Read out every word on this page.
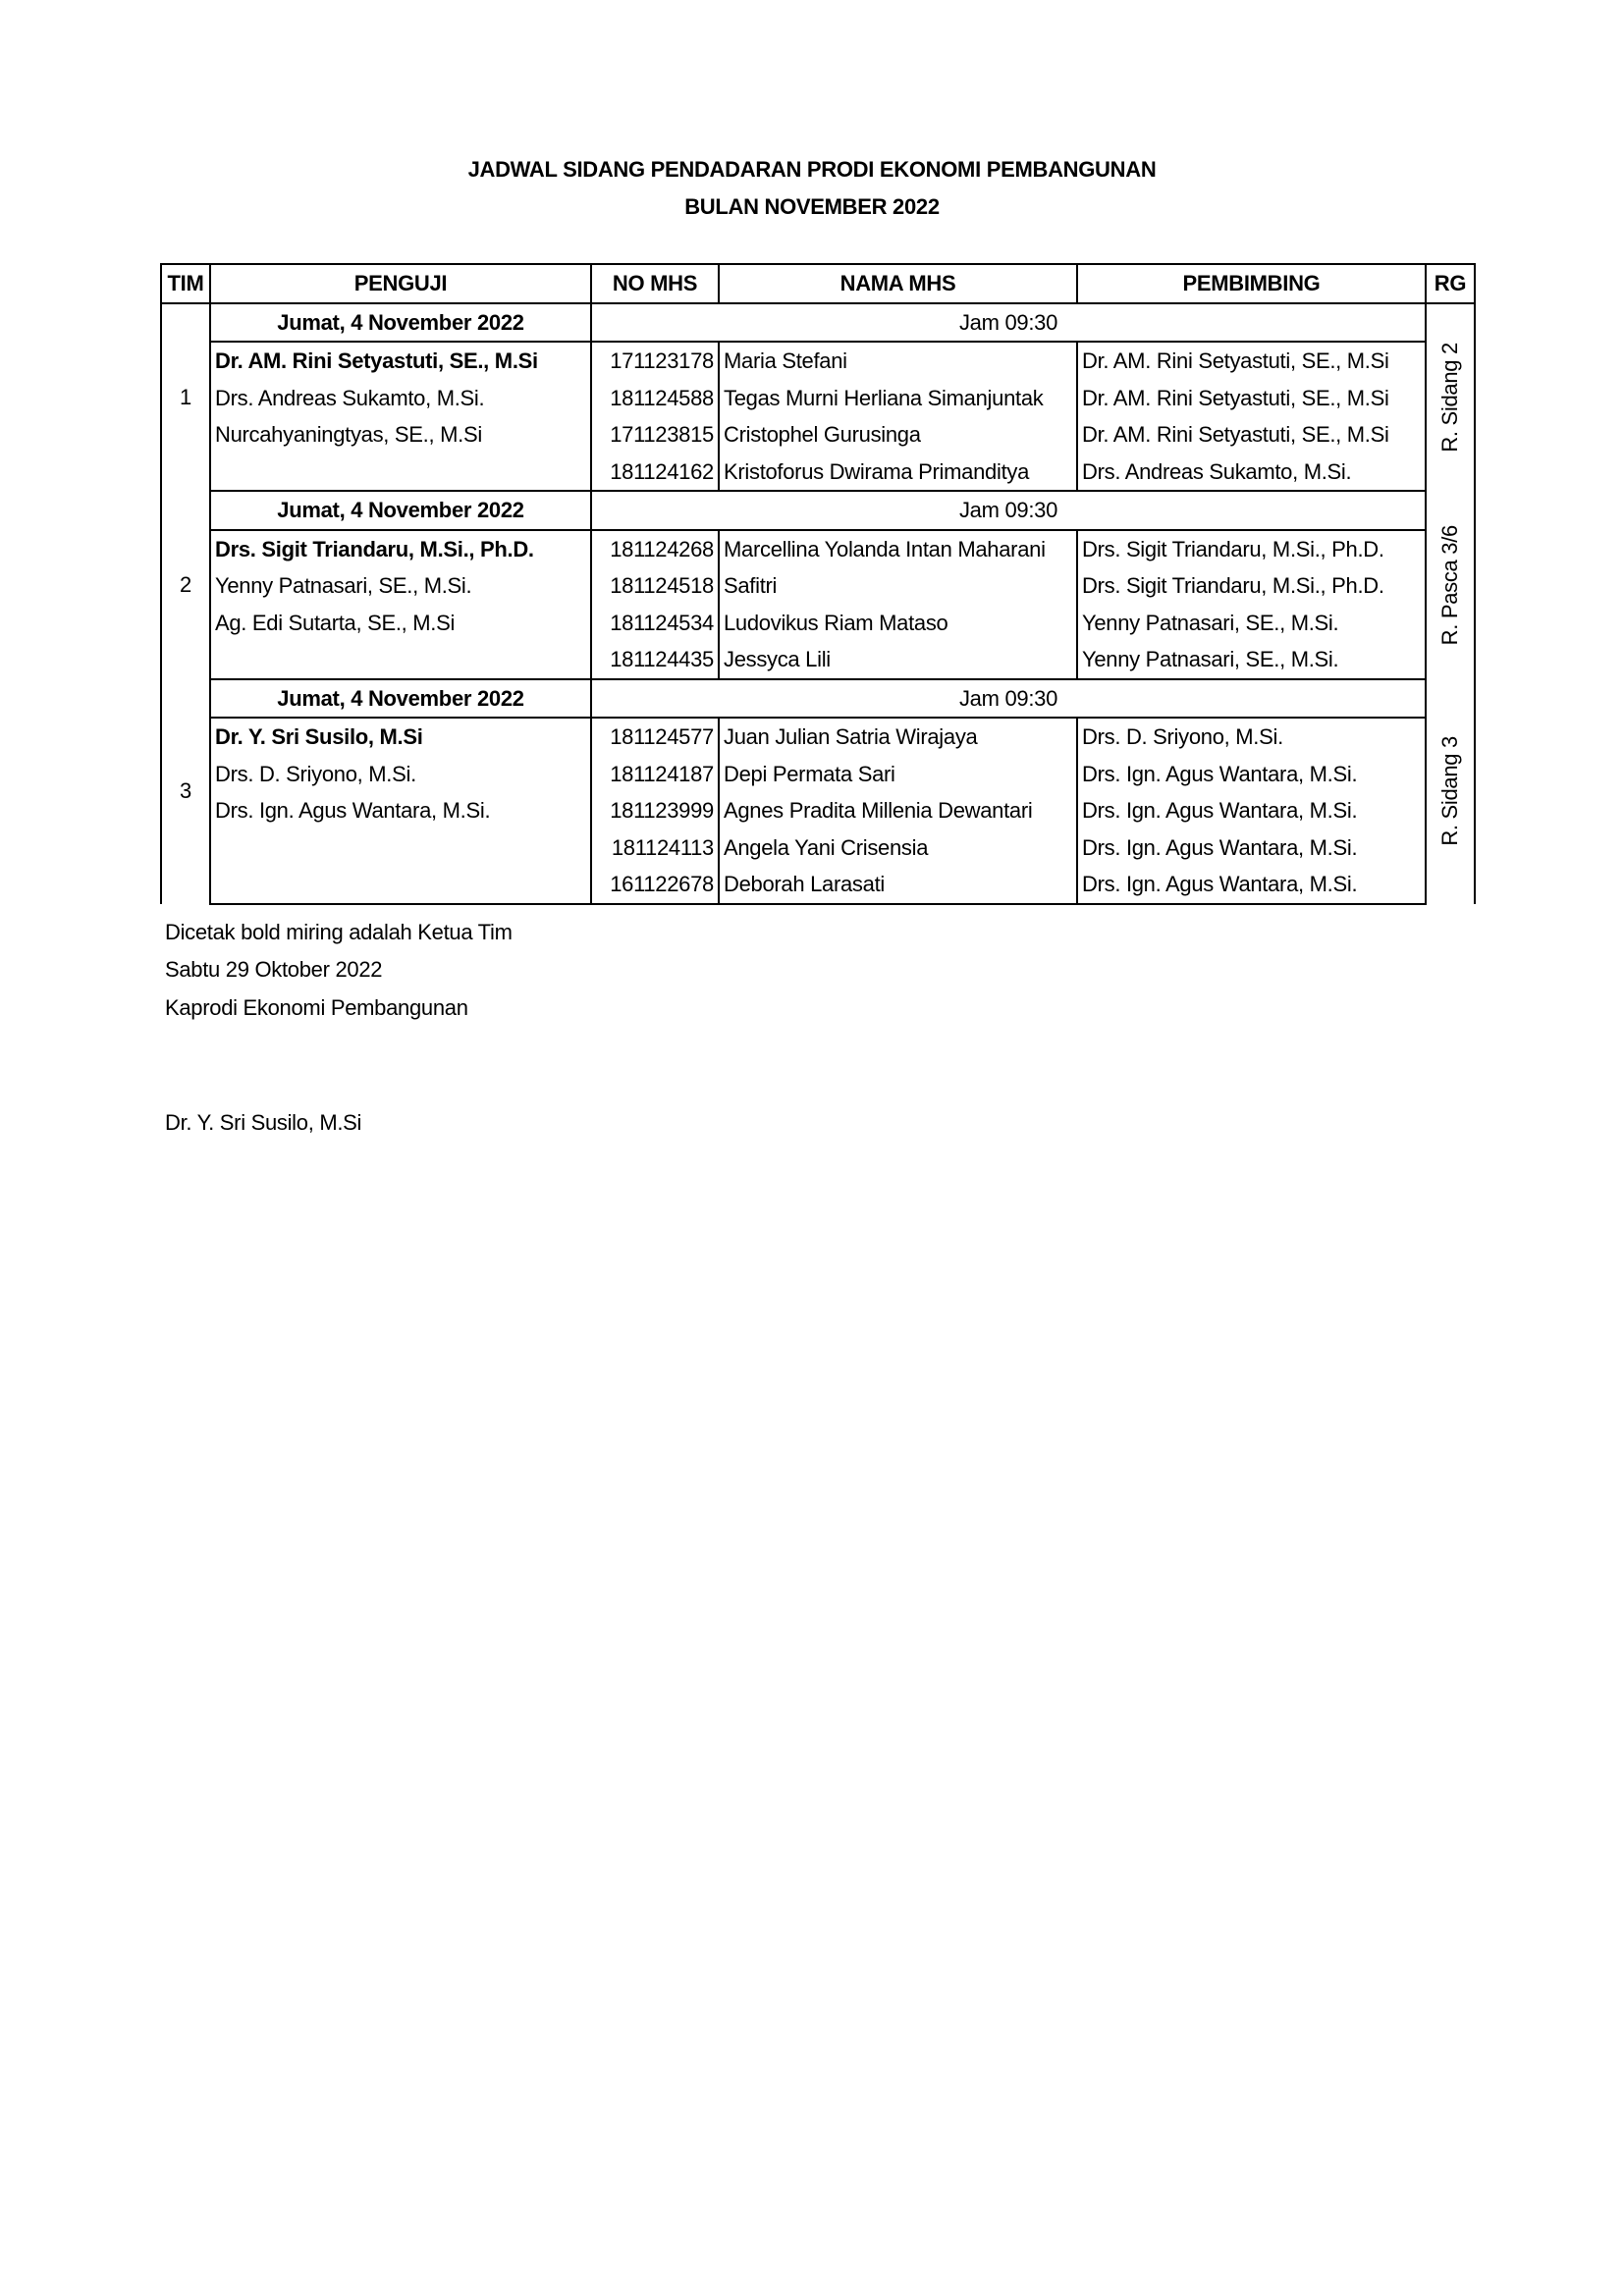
JADWAL SIDANG PENDADARAN PRODI EKONOMI PEMBANGUNAN
BULAN NOVEMBER 2022
TIM	PENGUJI	NO MHS	NAMA MHS	PEMBIMBING	RG
1	Jumat, 4 November 2022	Jam 09:30			R. Sidang 2

	Dr. AM. Rini Setyastuti, SE., M.Si	171123178	Maria Stefani	Dr. AM. Rini Setyastuti, SE., M.Si	
	Drs. Andreas Sukamto, M.Si.	181124588	Tegas Murni Herliana Simanjuntak	Dr. AM. Rini Setyastuti, SE., M.Si	
	Nurcahyaningtyas, SE., M.Si	171123815	Cristophel Gurusinga	Dr. AM. Rini Setyastuti, SE., M.Si	
		181124162	Kristoforus Dwirama Primanditya	Drs. Andreas Sukamto, M.Si.	
2	Jumat, 4 November 2022	Jam 09:30			R. Pasca 3/6

	Drs. Sigit Triandaru, M.Si., Ph.D.	181124268	Marcellina Yolanda Intan Maharani	Drs. Sigit Triandaru, M.Si., Ph.D.	
	Yenny Patnasari, SE., M.Si.	181124518	Safitri	Drs. Sigit Triandaru, M.Si., Ph.D.	
	Ag. Edi Sutarta, SE., M.Si	181124534	Ludovikus Riam Mataso	Yenny Patnasari, SE., M.Si.	
		181124435	Jessyca Lili	Yenny Patnasari, SE., M.Si.	
3	Jumat, 4 November 2022	Jam 09:30			R. Sidang 3

	Dr. Y. Sri Susilo, M.Si	181124577	Juan Julian Satria Wirajaya	Drs. D. Sriyono, M.Si.	
	Drs. D. Sriyono, M.Si.	181124187	Depi Permata Sari	Drs. Ign. Agus Wantara, M.Si.	
	Drs. Ign. Agus Wantara, M.Si.	181123999	Agnes Pradita Millenia Dewantari	Drs. Ign. Agus Wantara, M.Si.	
		181124113	Angela Yani Crisensia	Drs. Ign. Agus Wantara, M.Si.	
		161122678	Deborah Larasati	Drs. Ign. Agus Wantara, M.Si.	
Dicetak bold miring adalah Ketua Tim
Sabtu 29 Oktober 2022
Kaprodi Ekonomi Pembangunan
Dr. Y. Sri Susilo, M.Si
